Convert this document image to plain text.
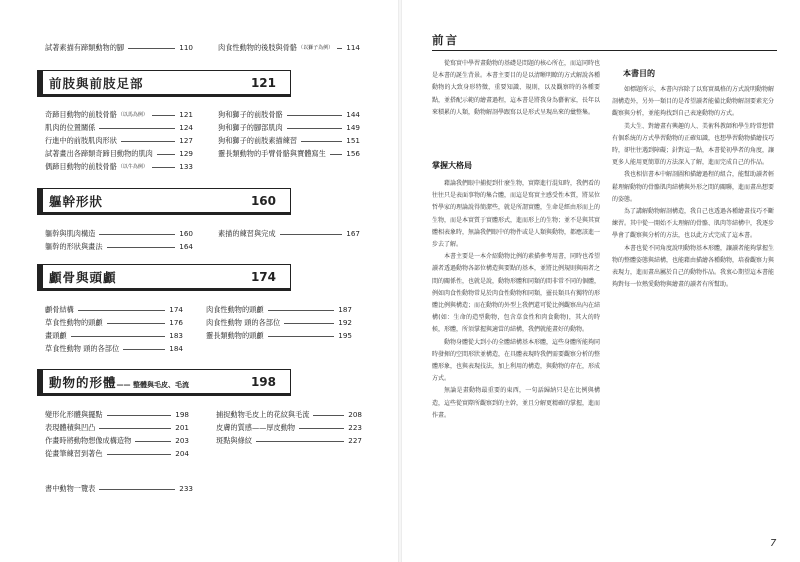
試著素描有蹄類動物的腳	110	肉食性動物的後肢與骨骼 （以獅子為例） 114
前肢與前肢足部	121
奇蹄目動物的前肢骨骼 （以馬為例）	121
肌肉的位置關係	124
行進中的前肢肌肉形狀	127
試著畫出各蹄類奇蹄目動物的肌肉	129
偶蹄目動物的前肢骨骼 （以牛為例）	133
狗和獅子的前肢骨骼	144
狗和獅子的腳部肌肉	149
狗和獅子的前肢素描練習	151
靈長類動物的手臂骨骼與寶體寫生	156
軀幹形狀	160
軀幹與肌肉構造	160
軀幹的形狀與畫法	164
素描的練習與完成	167
顱骨與頭顱	174
顱骨結構	174
草食性動物的頭顱	176
畫頭顱	183
草食性動物 頭的各部位	184
肉食性動物的頭顱	187
肉食性動物 頭的各部位	192
靈長類動物的頭顱	195
動物的形體—— 整體與毛皮、毛流	198
變形化形體與擺點	198
表現體積與凹凸	201
作畫時將動物想像成構造物	203
從畫筆練習到著色	204
捕捉動物毛皮上的花紋與毛流	208
皮膚的質感——厚皮動物	223
斑點與條紋	227
書中動物一覽表	233
前言

從寫實中學習畫動物的基礎是問題的核心所在，而這同時也是本書的誕生背景。本書主要目的是以清晰明瞭的方式解說各種動物的大致身形特徵，重要知識、規則，以及觀察時的各種要點，並搭配示範的繪畫過程，這本書是將我身為藝術家，長年以來積累的人類，動物解剖學跟寫以是形式呈現出來的彙整集。

掌握大格局

藉論我們眼中捕捉到什麼生物，實際進行混知時，我們看的往往只是表面事物的集合體，而這是寫實主感受性本質，將某位哲學家的理論說得簡潔些，就是所謂實體，生命是經由形而上的生物，而是本實質于實體形式，進而形上的生物；並不是與其實體相表象時，無論我們眼中的物件或是人類與動物，都應該進一步去了解。

本書主要是一本介紹動物比例的素描參考用書，同時也希望讀者透過動物各部位構造與要點的基本，並將比例規則與兩者之間的關係性，也就是說，動物形體和同類的間非常不同的個體，例如肉食性動物常見於肉食性動物和同類，靈長類具有獨特的形體比例與構造；而在動物的外型上我們還可從比例觀察出內在結構(如：生命的造型動物，包含草食性和肉食動物)，其大的時候，形體，所須掌握與適當的結構，我們就能畫好的動物。

動物身體從大到小的全體結構基本形體，這些身體所能夠同時發揮的空間形狀並構造，在具體表現時我們需要觀察分析的整體形象，也與表現技法，加上利用的構造，與動物的存在，形成方式。

無論是畫動物最重要的東西，一句話歸納只是在比例與構造，這些從實際所觀察到的主幹，並且分解更精確的掌握，進而作畫。

本書目的

如標題所示，本書內容除了以寫實風格的方式說明動物解剖構造外，另外一類目的是希望讀者能備比動物解剖要素充分觀察與分析，並能夠找到自己表達動物的方式。

美大生、對繪畫有興趣的人、美術科教師和學生時常想借有個系統的方式學習動物的正確知識，也想學習動物描繪技巧時，卻往往遇到障礙；針對這一點，本書從初學者的角度，讓更多人能用更簡單的方法深入了解，進而完成自己的作品。

我也相信書本中解剖圖和描繪過程的組合，能幫助讀者輕鬆理解動物的骨骼肌肉結構與外形之間的關聯，進而畫出想要的姿態。

為了講解動物解剖構造，我自己也透過各種繪畫技巧不斷練習。其中從一開始不太理解的骨骼、肌肉等結構中，我逐步學會了觀察與分析的方法，也以此方式完成了這本書。

本書也從不同角度說明動物基本形體，讓讀者能夠掌握生物的整體姿態與結構，也能藉由描繪各種動物，培養觀察力與表現力，進而畫出屬於自己的動物作品。我衷心期望這本書能夠對每一位熱愛動物與繪畫的讀者有所幫助。

7
